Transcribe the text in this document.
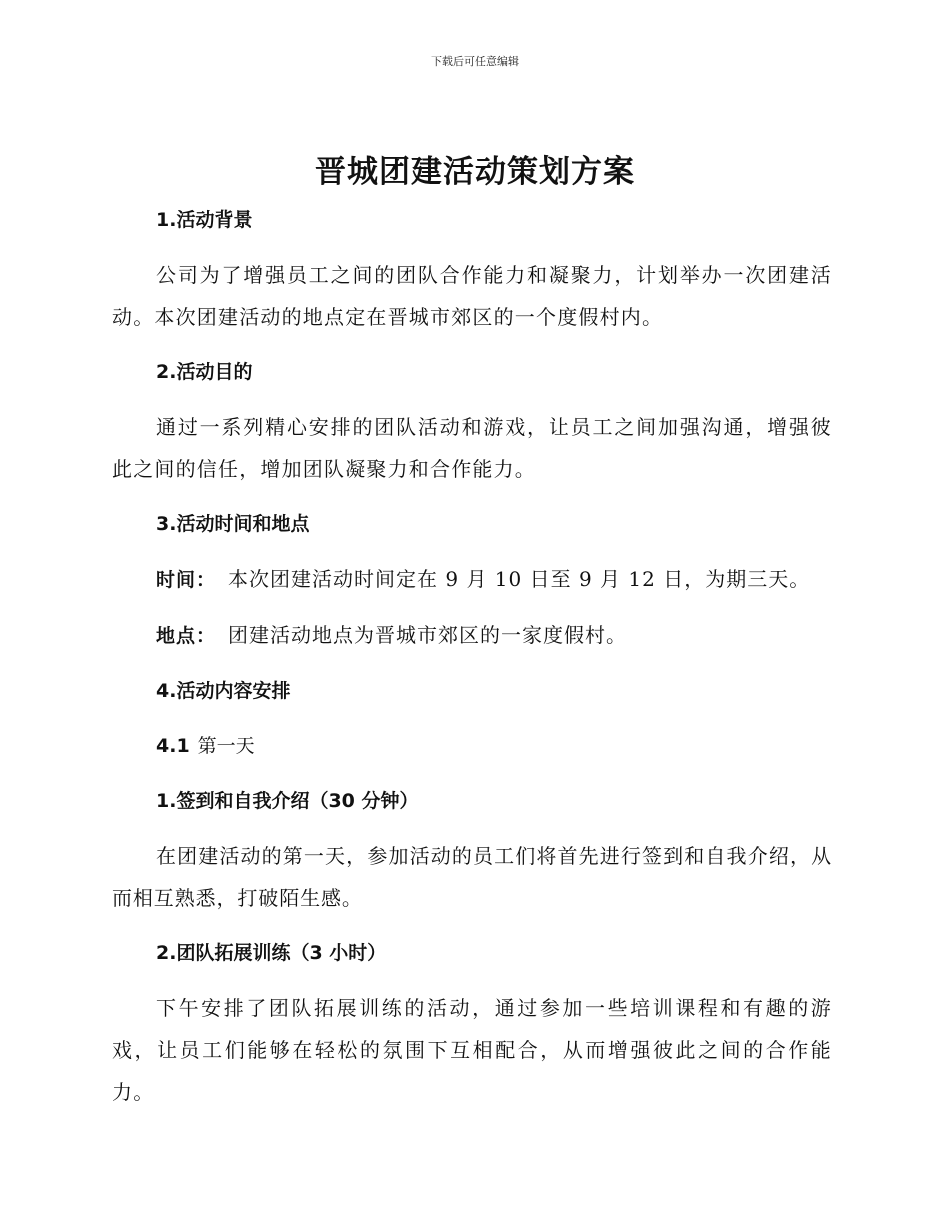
下载后可任意编辑
晋城团建活动策划方案
1.活动背景
公司为了增强员工之间的团队合作能力和凝聚力，计划举办一次团建活动。本次团建活动的地点定在晋城市郊区的一个度假村内。
2.活动目的
通过一系列精心安排的团队活动和游戏，让员工之间加强沟通，增强彼此之间的信任，增加团队凝聚力和合作能力。
3.活动时间和地点
时间： 本次团建活动时间定在 9 月 10 日至 9 月 12 日，为期三天。
地点： 团建活动地点为晋城市郊区的一家度假村。
4.活动内容安排
4.1 第一天
1.签到和自我介绍（30 分钟）
在团建活动的第一天，参加活动的员工们将首先进行签到和自我介绍，从而相互熟悉，打破陌生感。
2.团队拓展训练（3 小时）
下午安排了团队拓展训练的活动，通过参加一些培训课程和有趣的游戏，让员工们能够在轻松的氛围下互相配合，从而增强彼此之间的合作能力。
